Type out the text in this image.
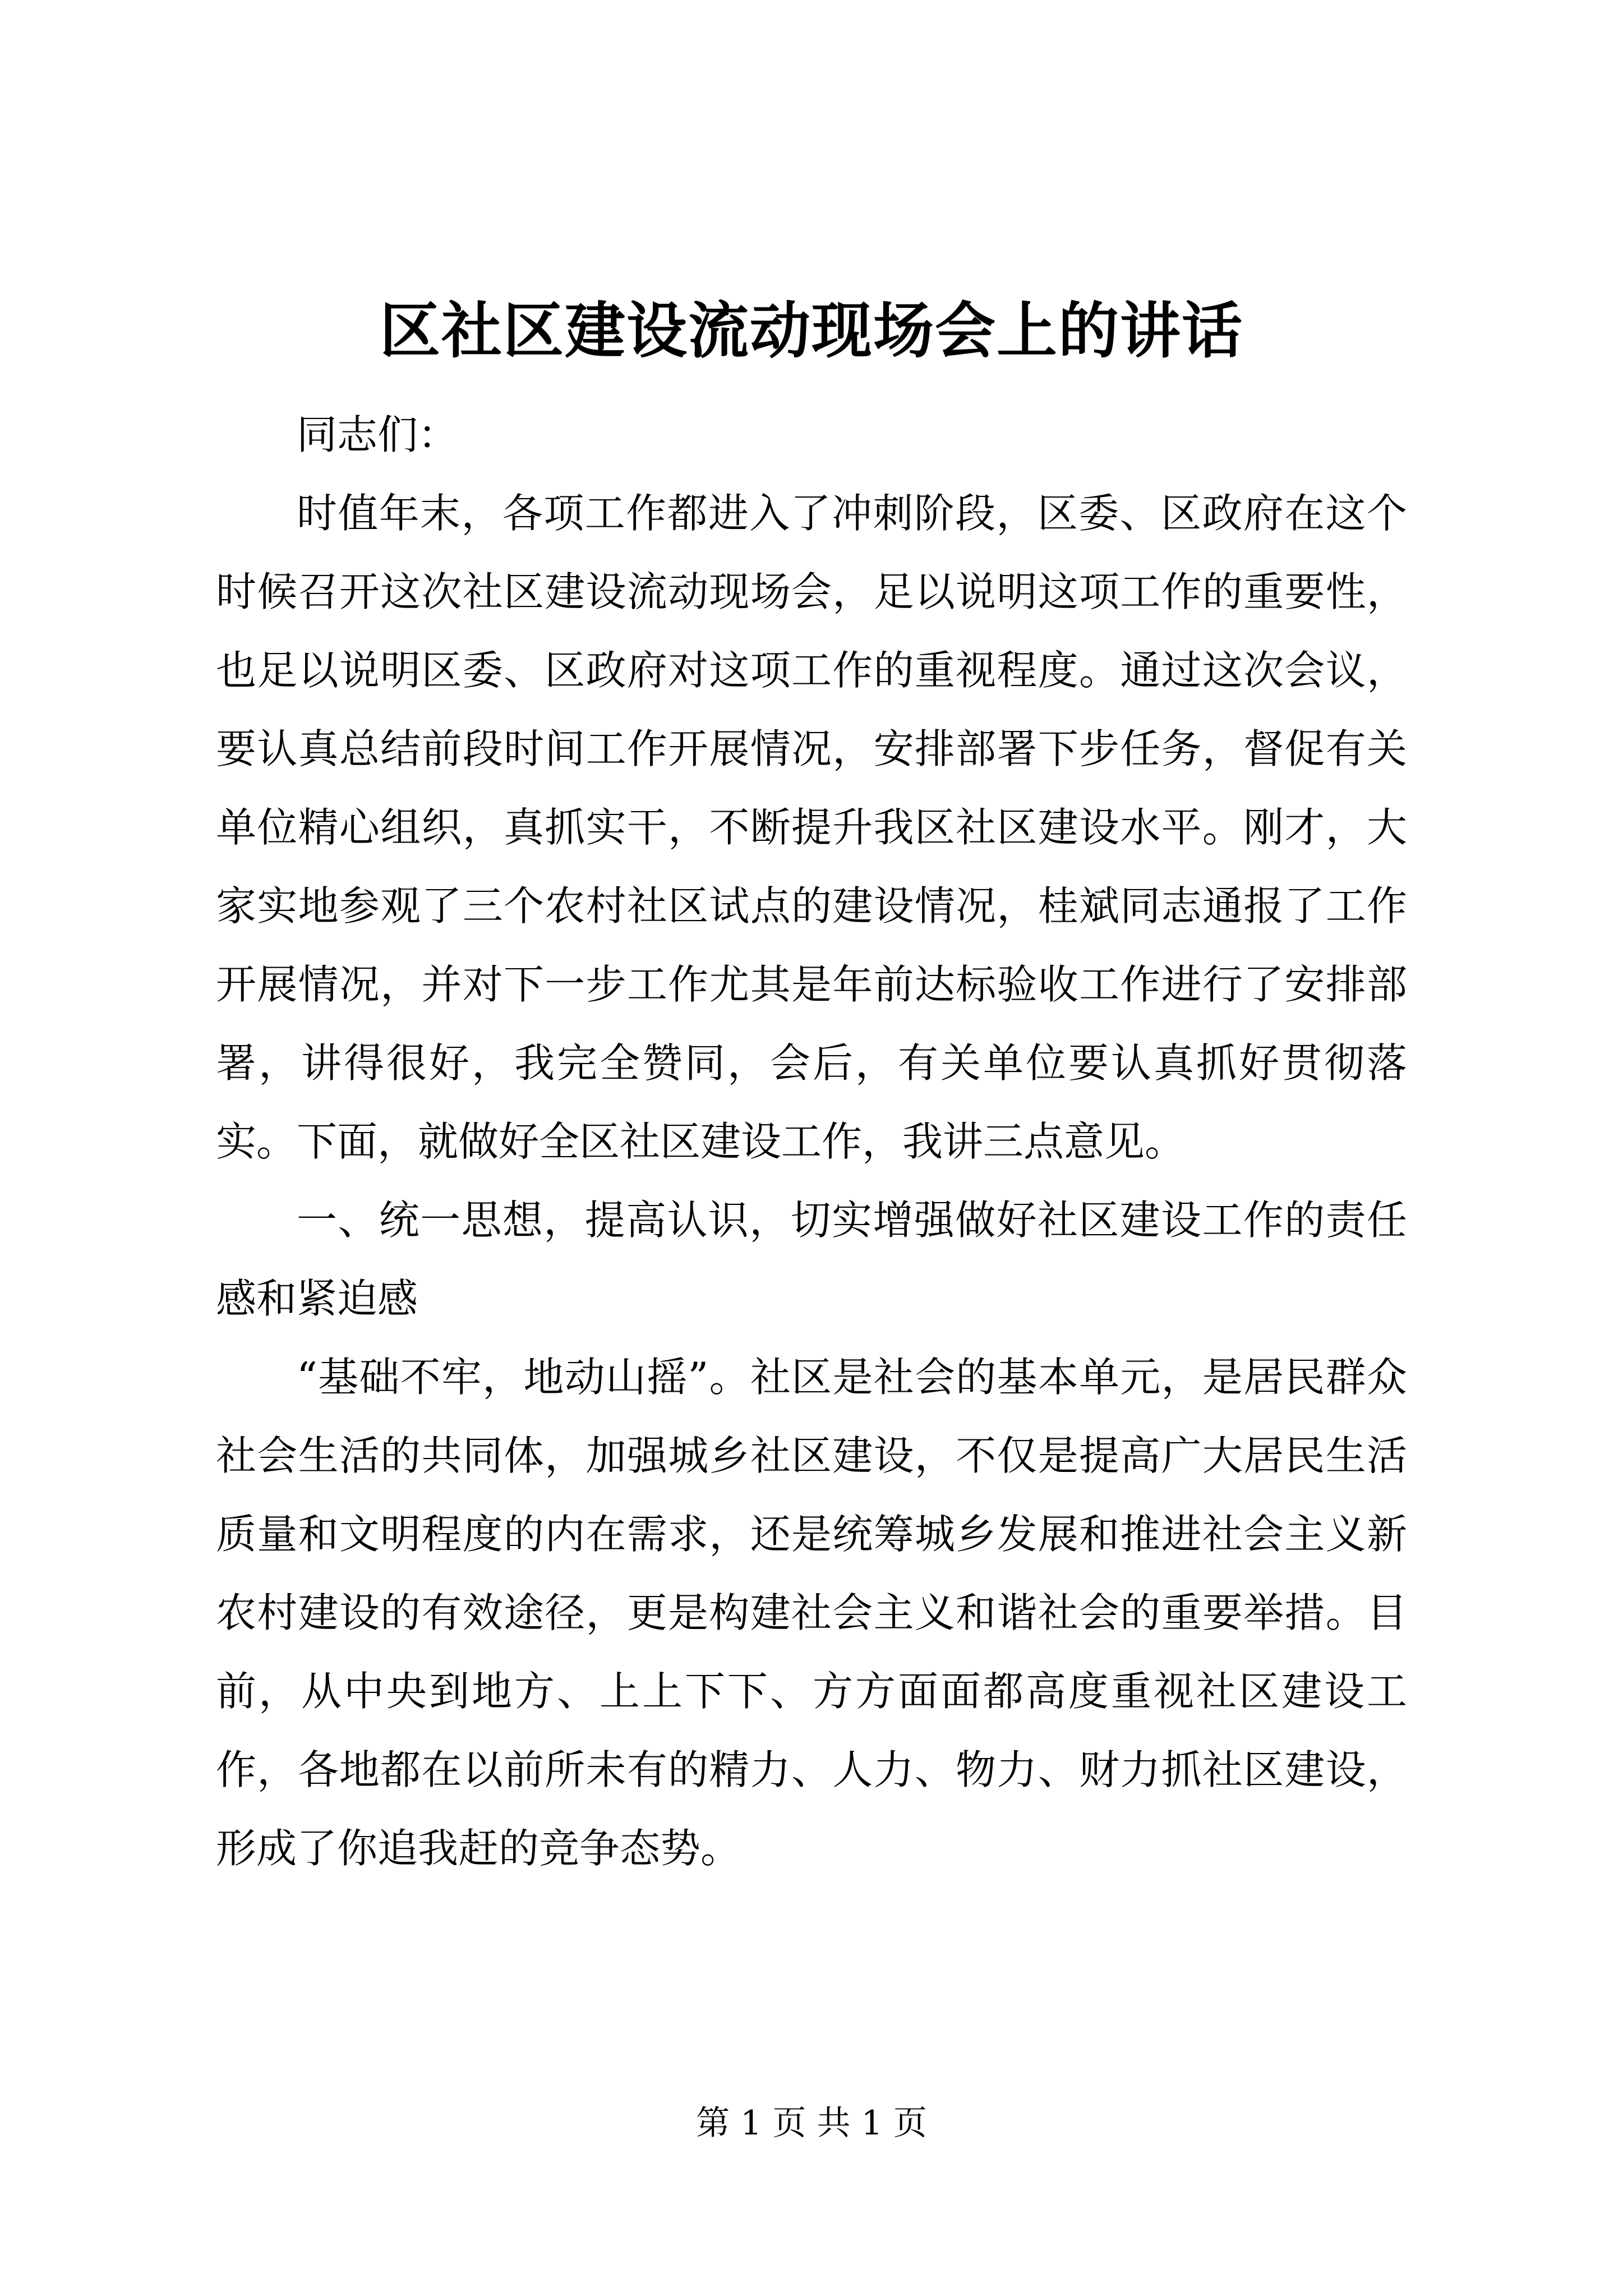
区社区建设流动现场会上的讲话

同志们：

时值年末，各项工作都进入了冲刺阶段，区委、区政府在这个时候召开这次社区建设流动现场会，足以说明这项工作的重要性，也足以说明区委、区政府对这项工作的重视程度。通过这次会议，要认真总结前段时间工作开展情况，安排部署下步任务，督促有关单位精心组织，真抓实干，不断提升我区社区建设水平。刚才，大家实地参观了三个农村社区试点的建设情况，桂斌同志通报了工作开展情况，并对下一步工作尤其是年前达标验收工作进行了安排部署，讲得很好，我完全赞同，会后，有关单位要认真抓好贯彻落实。下面，就做好全区社区建设工作，我讲三点意见。

一、统一思想，提高认识，切实增强做好社区建设工作的责任感和紧迫感

“基础不牢，地动山摇”。社区是社会的基本单元，是居民群众社会生活的共同体，加强城乡社区建设，不仅是提高广大居民生活质量和文明程度的内在需求，还是统筹城乡发展和推进社会主义新农村建设的有效途径，更是构建社会主义和谐社会的重要举措。目前，从中央到地方、上上下下、方方面面都高度重视社区建设工作，各地都在以前所未有的精力、人力、物力、财力抓社区建设，形成了你追我赶的竞争态势。

第 1 页 共 1 页
